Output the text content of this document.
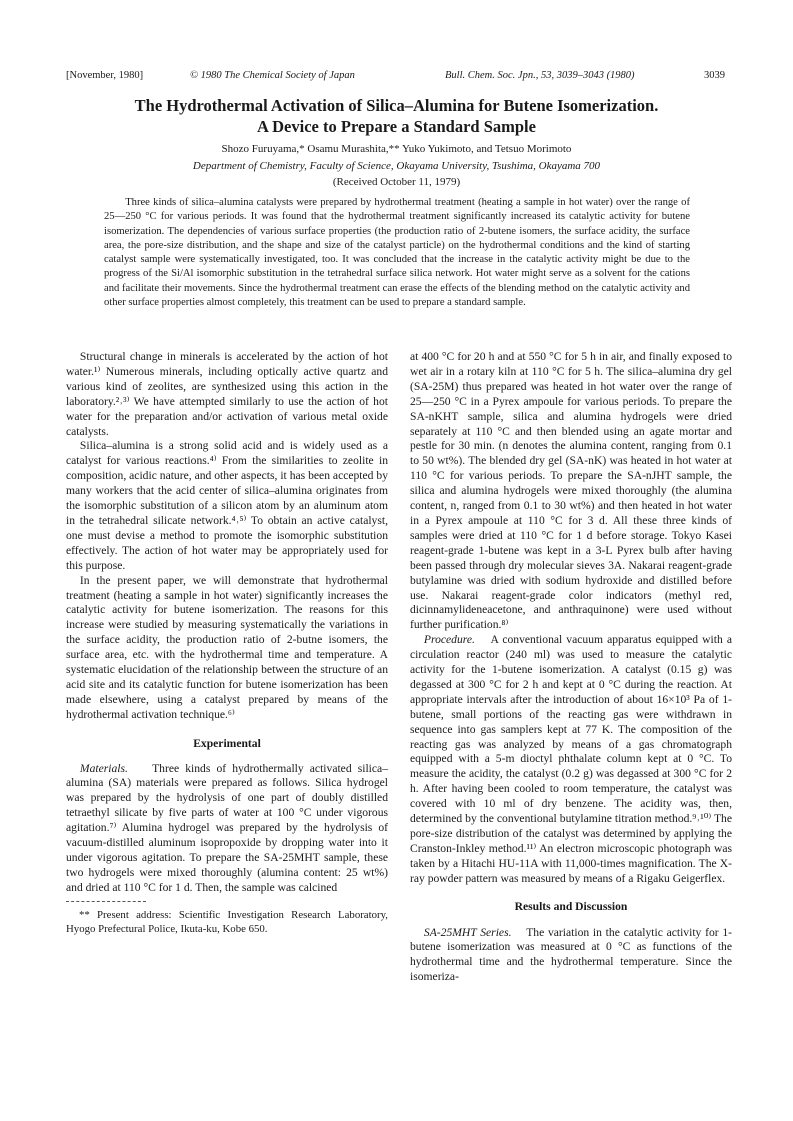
[November, 1980]	© 1980 The Chemical Society of Japan	Bull. Chem. Soc. Jpn., 53, 3039–3043 (1980)	3039
The Hydrothermal Activation of Silica–Alumina for Butene Isomerization.
A Device to Prepare a Standard Sample
Shozo Furuyama,* Osamu Murashita,** Yuko Yukimoto, and Tetsuo Morimoto
Department of Chemistry, Faculty of Science, Okayama University, Tsushima, Okayama 700
(Received October 11, 1979)

Three kinds of silica–alumina catalysts were prepared by hydrothermal treatment (heating a sample in hot water) over the range of 25—250 °C for various periods. It was found that the hydrothermal treatment significantly increased its catalytic activity for butene isomerization. The dependencies of various surface properties (the production ratio of 2-butene isomers, the surface acidity, the surface area, the pore-size distribution, and the shape and size of the catalyst particle) on the hydrothermal conditions and the kind of starting catalyst sample were systematically investigated, too. It was concluded that the increase in the catalytic activity might be due to the progress of the Si/Al isomorphic substitution in the tetrahedral surface silica network. Hot water might serve as a solvent for the cations and facilitate their movements. Since the hydrothermal treatment can erase the effects of the blending method on the catalytic activity and other surface properties almost completely, this treatment can be used to prepare a standard sample.

Structural change in minerals is accelerated by the action of hot water.¹⁾ Numerous minerals, including optically active quartz and various kind of zeolites, are synthesized using this action in the laboratory.²˒³⁾ We have attempted similarly to use the action of hot water for the preparation and/or activation of various metal oxide catalysts.

Silica–alumina is a strong solid acid and is widely used as a catalyst for various reactions.⁴⁾ From the similarities to zeolite in composition, acidic nature, and other aspects, it has been accepted by many workers that the acid center of silica–alumina originates from the isomorphic substitution of a silicon atom by an aluminum atom in the tetrahedral silicate network.⁴˒⁵⁾ To obtain an active catalyst, one must devise a method to promote the isomorphic substitution effectively. The action of hot water may be appropriately used for this purpose.

In the present paper, we will demonstrate that hydrothermal treatment (heating a sample in hot water) significantly increases the catalytic activity for butene isomerization. The reasons for this increase were studied by measuring systematically the variations in the surface acidity, the production ratio of 2-butne isomers, the surface area, etc. with the hydrothermal time and temperature. A systematic elucidation of the relationship between the structure of an acid site and its catalytic function for butene isomerization has been made elsewhere, using a catalyst prepared by means of the hydrothermal activation technique.⁶⁾

Experimental

Materials. Three kinds of hydrothermally activated silica–alumina (SA) materials were prepared as follows. Silica hydrogel was prepared by the hydrolysis of one part of doubly distilled tetraethyl silicate by five parts of water at 100 °C under vigorous agitation.⁷⁾ Alumina hydrogel was prepared by the hydrolysis of vacuum-distilled aluminum isopropoxide by dropping water into it under vigorous agitation. To prepare the SA-25MHT sample, these two hydrogels were mixed thoroughly (alumina content: 25 wt%) and dried at 110 °C for 1 d. Then, the sample was calcined

** Present address: Scientific Investigation Research Laboratory, Hyogo Prefectural Police, Ikuta-ku, Kobe 650.

at 400 °C for 20 h and at 550 °C for 5 h in air, and finally exposed to wet air in a rotary kiln at 110 °C for 5 h. The silica–alumina dry gel (SA-25M) thus prepared was heated in hot water over the range of 25—250 °C in a Pyrex ampoule for various periods. To prepare the SA-nKHT sample, silica and alumina hydrogels were dried separately at 110 °C and then blended using an agate mortar and pestle for 30 min. (n denotes the alumina content, ranging from 0.1 to 50 wt%). The blended dry gel (SA-nK) was heated in hot water at 110 °C for various periods. To prepare the SA-nJHT sample, the silica and alumina hydrogels were mixed thoroughly (the alumina content, n, ranged from 0.1 to 30 wt%) and then heated in hot water in a Pyrex ampoule at 110 °C for 3 d. All these three kinds of samples were dried at 110 °C for 1 d before storage. Tokyo Kasei reagent-grade 1-butene was kept in a 3-L Pyrex bulb after having been passed through dry molecular sieves 3A. Nakarai reagent-grade butylamine was dried with sodium hydroxide and distilled before use. Nakarai reagent-grade color indicators (methyl red, dicinnamylideneacetone, and anthraquinone) were used without further purification.⁸⁾

Procedure. A conventional vacuum apparatus equipped with a circulation reactor (240 ml) was used to measure the catalytic activity for the 1-butene isomerization. A catalyst (0.15 g) was degassed at 300 °C for 2 h and kept at 0 °C during the reaction. At appropriate intervals after the introduction of about 16×10³ Pa of 1-butene, small portions of the reacting gas were withdrawn in sequence into gas samplers kept at 77 K. The composition of the reacting gas was analyzed by means of a gas chromatograph equipped with a 5-m dioctyl phthalate column kept at 0 °C. To measure the acidity, the catalyst (0.2 g) was degassed at 300 °C for 2 h. After having been cooled to room temperature, the catalyst was covered with 10 ml of dry benzene. The acidity was, then, determined by the conventional butylamine titration method.⁹˒¹⁰⁾ The pore-size distribution of the catalyst was determined by applying the Cranston-Inkley method.¹¹⁾ An electron microscopic photograph was taken by a Hitachi HU-11A with 11,000-times magnification. The X-ray powder pattern was measured by means of a Rigaku Geigerflex.

Results and Discussion

SA-25MHT Series. The variation in the catalytic activity for 1-butene isomerization was measured at 0 °C as functions of the hydrothermal time and the hydrothermal temperature. Since the isomeriza-
